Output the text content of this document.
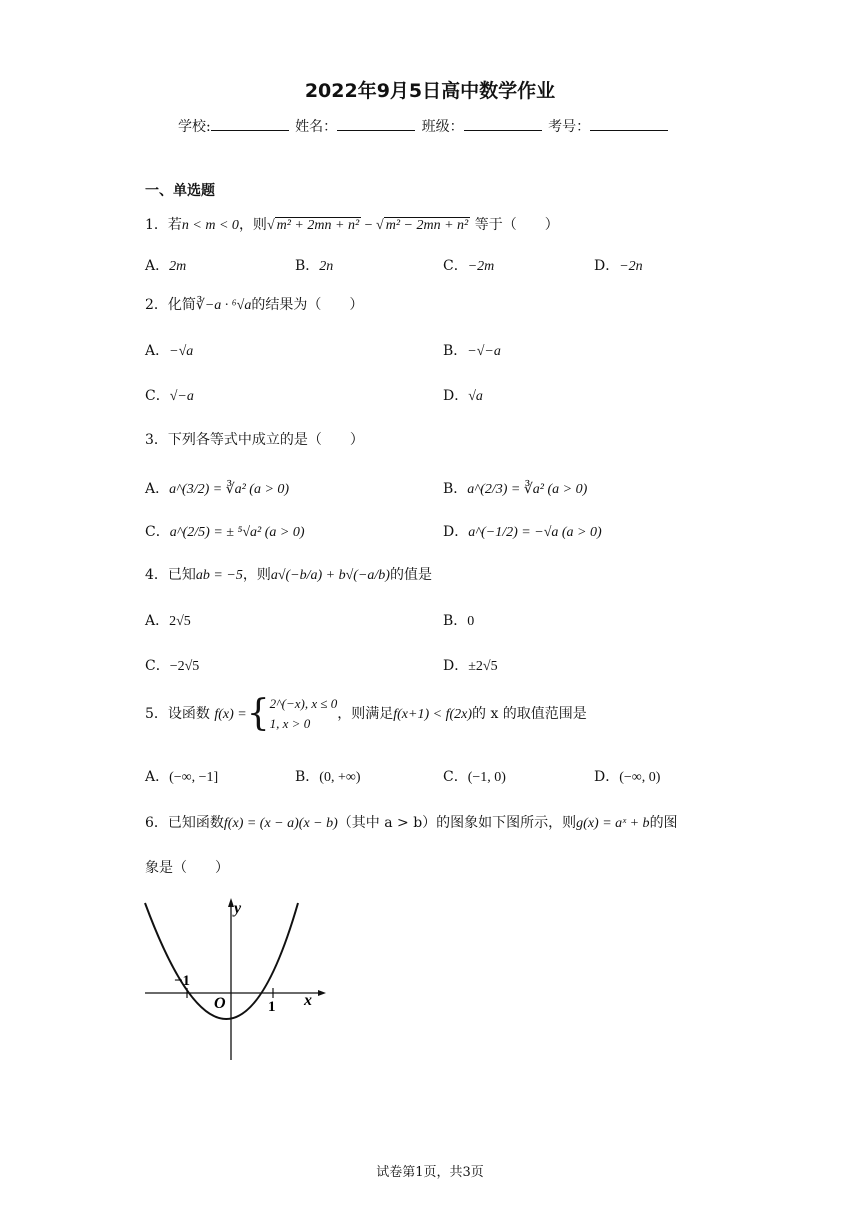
2022年9月5日高中数学作业
学校:	姓名：	班级：	考号：
一、单选题
1．若n < m < 0，则√ m² + 2mn + n² − √ m² − 2mn + n² 等于（　　）
A．2m	B．2n	C．−2m	D．−2n
2．化简∛−a · ⁶√a的结果为（　　）
A．−√a	B．−√−a
C．√−a	D．√a
3．下列各等式中成立的是（　　）
A．a^(3/2) = ∛a² (a > 0)	B．a^(2/3) = ∛a² (a > 0)
C．a^(2/5) = ± ⁵√a² (a > 0)	D．a^(−1/2) = −√a (a > 0)
4．已知ab = −5，则a√(−b/a) + b√(−a/b)的值是
A．2√5	B．0
C．−2√5	D．±2√5
5．设函数 f(x) ={ 2^(−x), x ≤ 0
1, x > 0
，则满足f(x+1) < f(2x)的 x 的取值范围是
A．(−∞, −1]	B．(0, +∞)	C．(−1, 0)	D．(−∞, 0)
6．已知函数f(x) = (x − a)(x − b)（其中 a > b）的图象如下图所示，则g(x) = aˣ + b的图
象是（　　）
y
x
O
−1
1
试卷第1页，共3页
